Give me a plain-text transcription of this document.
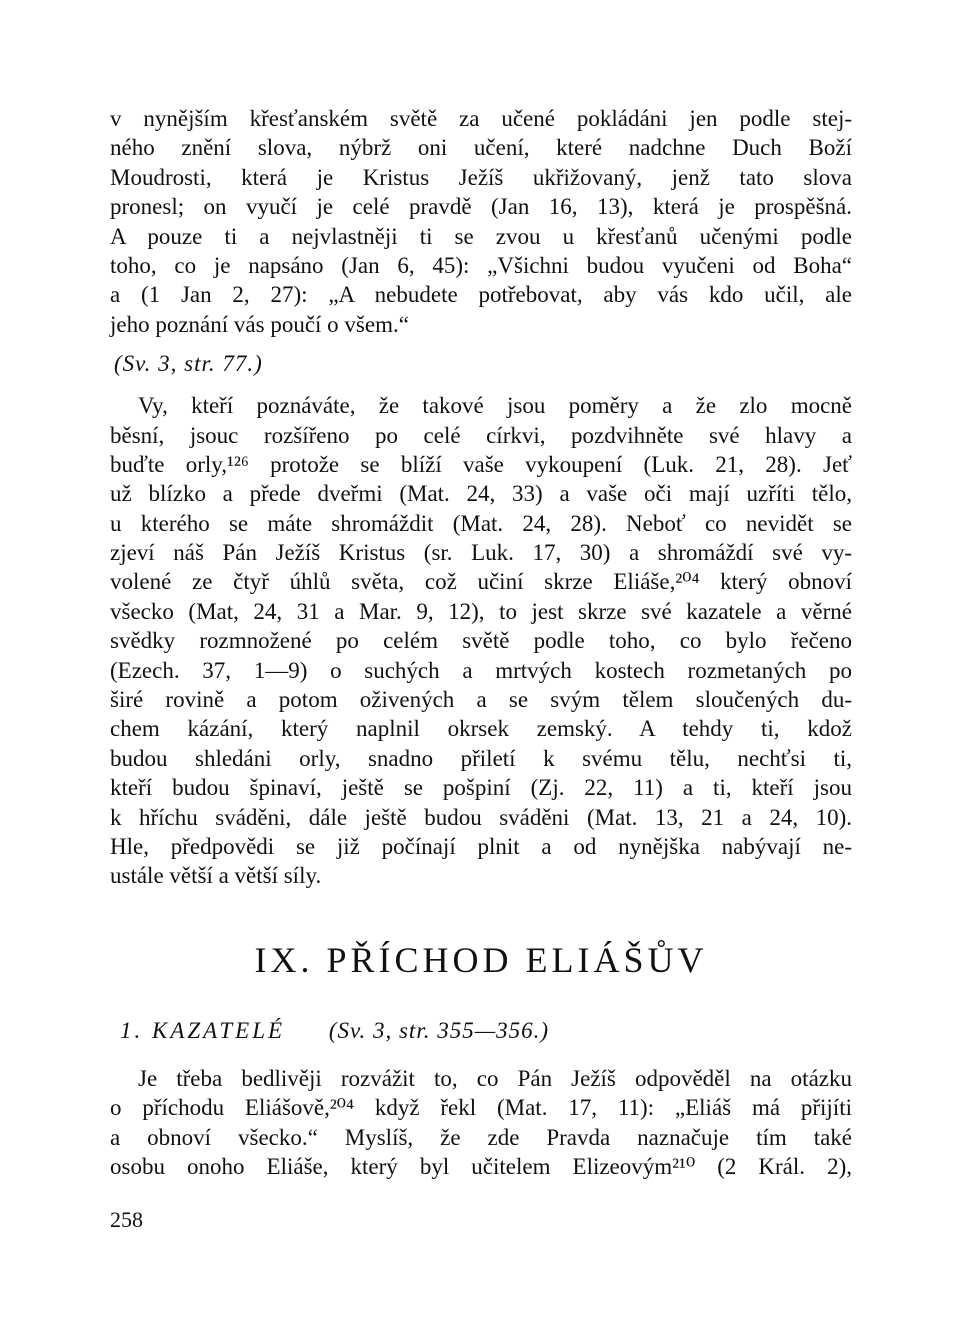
v nynějším křesťanském světě za učené pokládáni jen podle stej-
ného znění slova, nýbrž oni učení, které nadchne Duch Boží
Moudrosti, která je Kristus Ježíš ukřižovaný, jenž tato slova
pronesl; on vyučí je celé pravdě (Jan 16, 13), která je prospěšná.
A pouze ti a nejvlastněji ti se zvou u křesťanů učenými podle
toho, co je napsáno (Jan 6, 45): „Všichni budou vyučeni od Boha“
a (1 Jan 2, 27): „A nebudete potřebovat, aby vás kdo učil, ale
jeho poznání vás poučí o všem.“
(Sv. 3, str. 77.)
Vy, kteří poznáváte, že takové jsou poměry a že zlo mocně
běsní, jsouc rozšířeno po celé církvi, pozdvihněte své hlavy a
buďte orly,¹²⁶ protože se blíží vaše vykoupení (Luk. 21, 28). Jeť
už blízko a přede dveřmi (Mat. 24, 33) a vaše oči mají uzříti tělo,
u kterého se máte shromáždit (Mat. 24, 28). Neboť co nevidět se
zjeví náš Pán Ježíš Kristus (sr. Luk. 17, 30) a shromáždí své vy-
volené ze čtyř úhlů světa, což učiní skrze Eliáše,²⁰⁴ který obnoví
všecko (Mat, 24, 31 a Mar. 9, 12), to jest skrze své kazatele a věrné
svědky rozmnožené po celém světě podle toho, co bylo řečeno
(Ezech. 37, 1—9) o suchých a mrtvých kostech rozmetaných po
širé rovině a potom oživených a se svým tělem sloučených du-
chem kázání, který naplnil okrsek zemský. A tehdy ti, kdož
budou shledáni orly, snadno přiletí k svému tělu, nechťsi ti,
kteří budou špinaví, ještě se pošpiní (Zj. 22, 11) a ti, kteří jsou
k hříchu sváděni, dále ještě budou sváděni (Mat. 13, 21 a 24, 10).
Hle, předpovědi se již počínají plnit a od nynějška nabývají ne-
ustále větší a větší síly.
IX. PŘÍCHOD ELIÁŠŮV
1. KAZATELÉ (Sv. 3, str. 355—356.)
Je třeba bedlivěji rozvážit to, co Pán Ježíš odpověděl na otázku
o příchodu Eliášově,²⁰⁴ když řekl (Mat. 17, 11): „Eliáš má přijíti
a obnoví všecko.“ Myslíš, že zde Pravda naznačuje tím také
osobu onoho Eliáše, který byl učitelem Elizeovým²¹⁰ (2 Král. 2),
258
